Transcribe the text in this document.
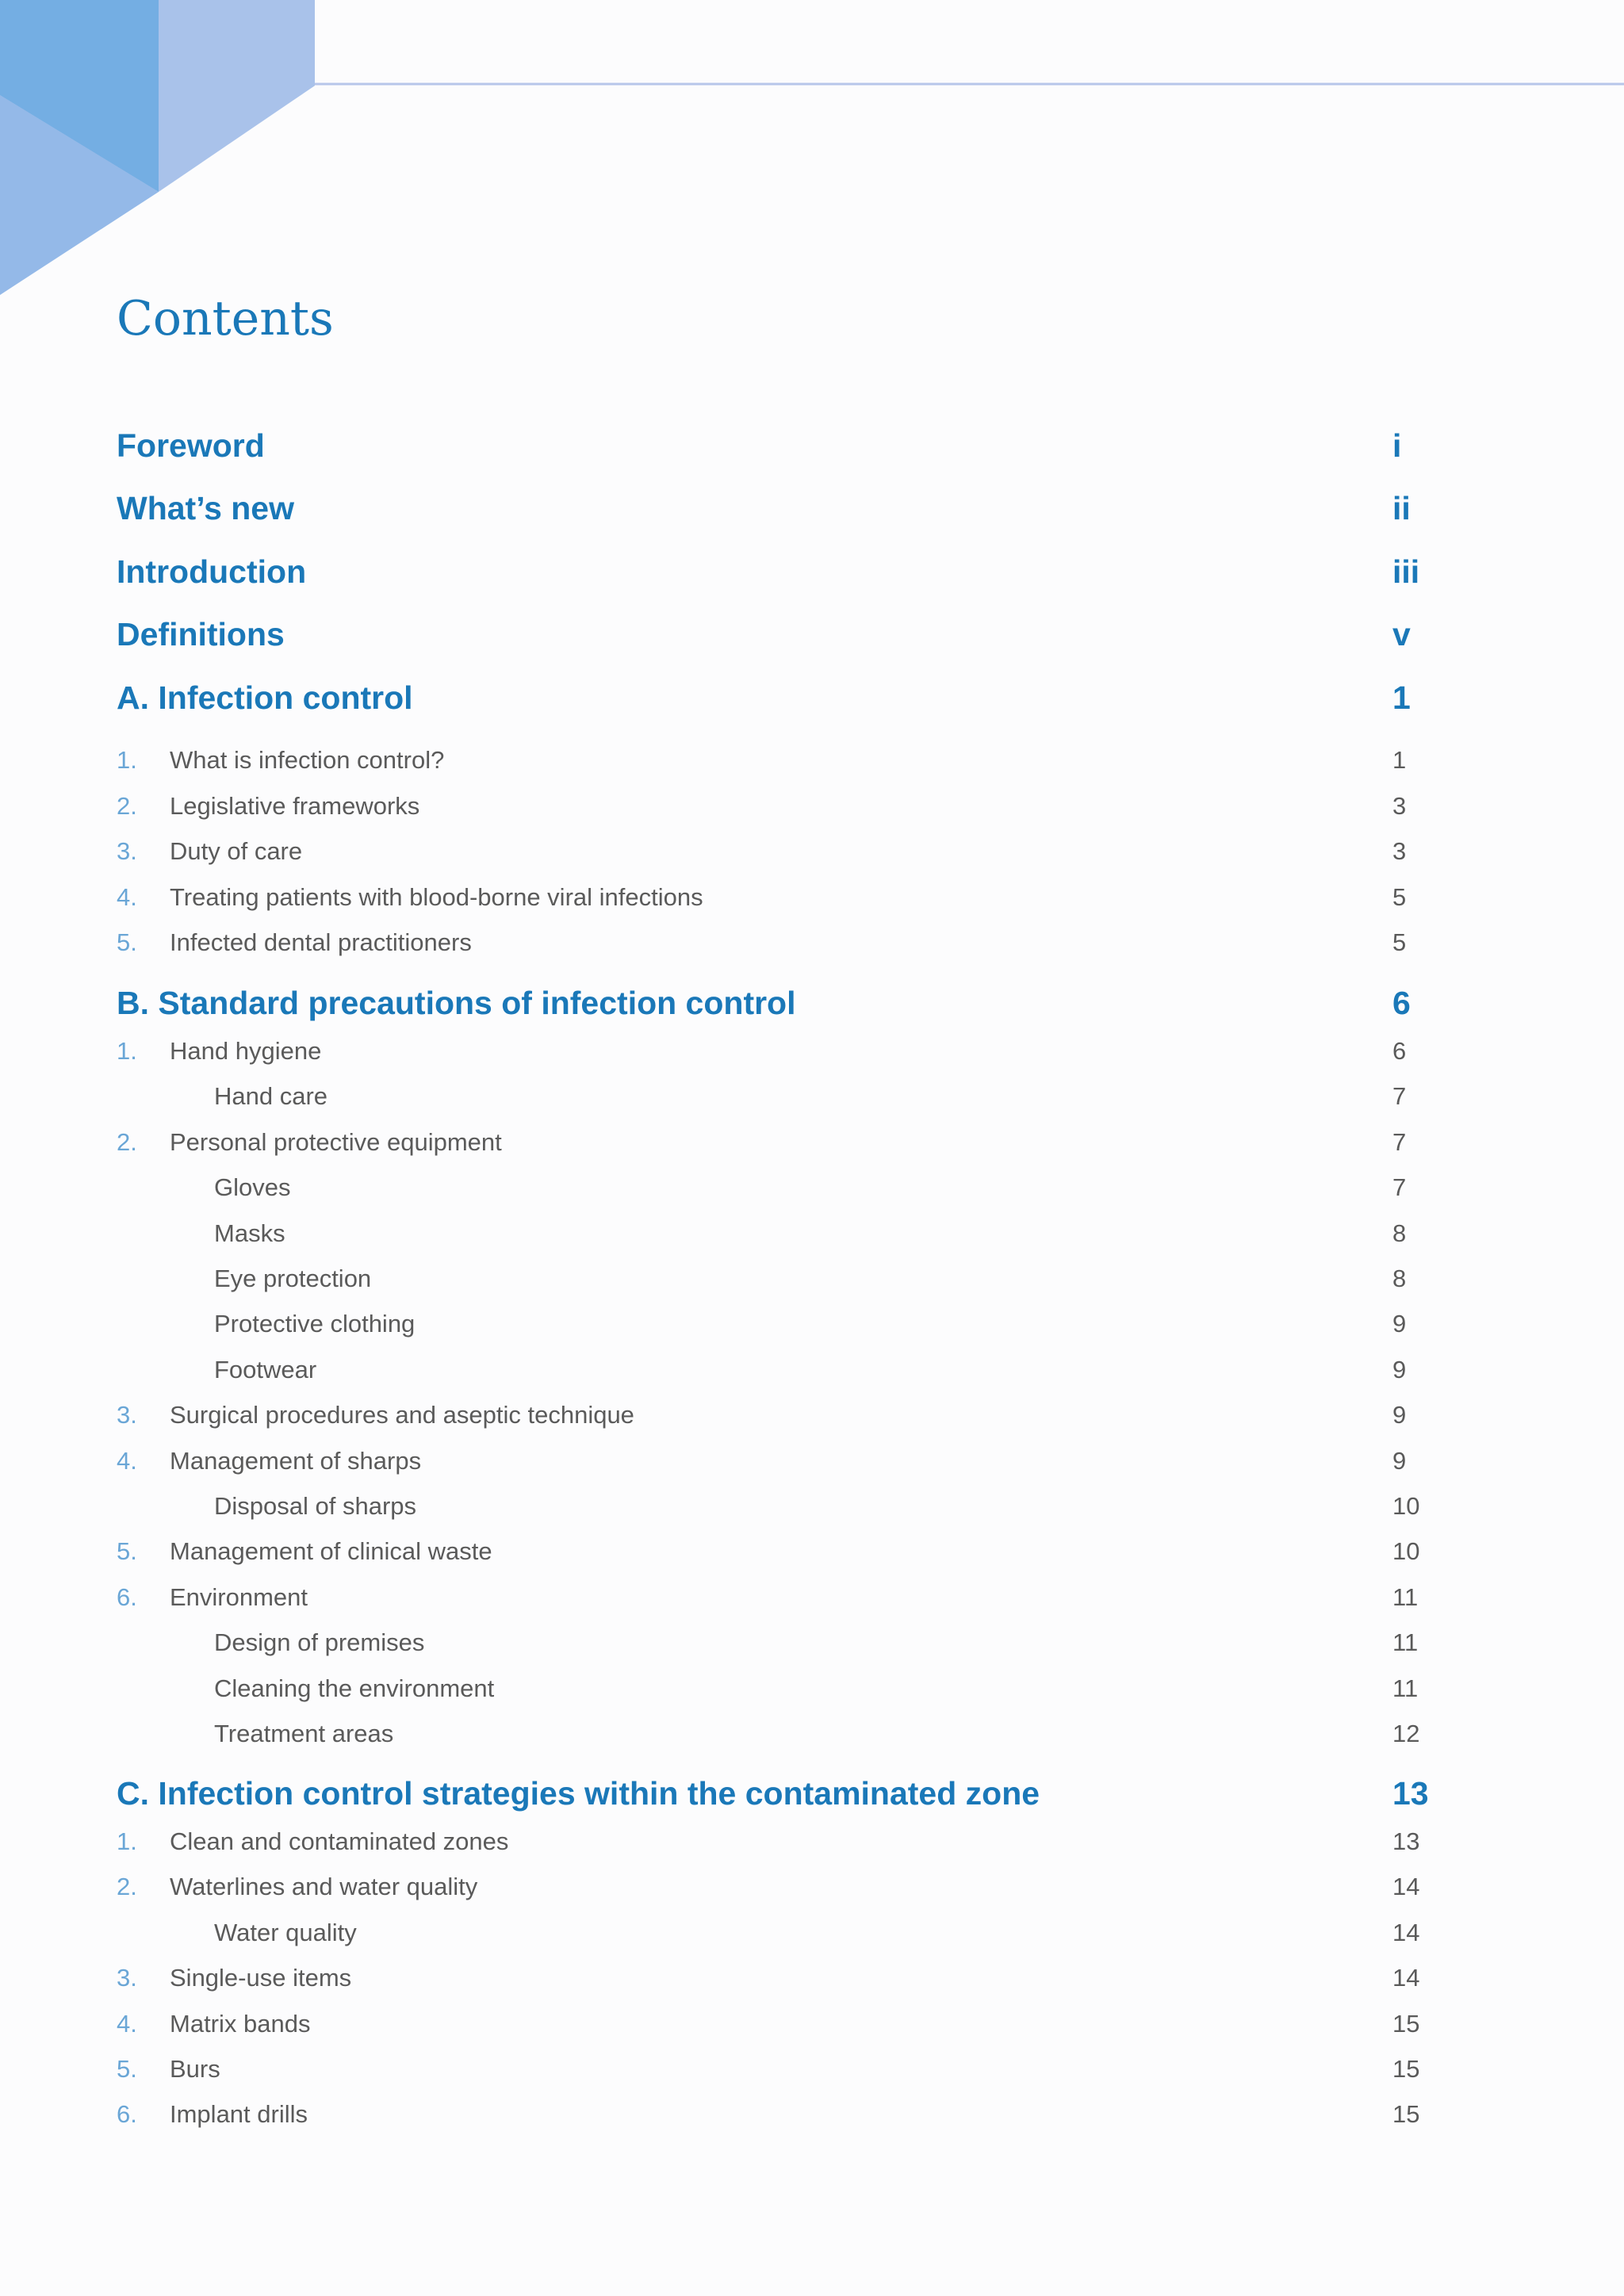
Contents
Foreword	i
What’s new	ii
Introduction	iii
Definitions	v
A. Infection control	1
1. What is infection control?	1
2. Legislative frameworks	3
3. Duty of care	3
4. Treating patients with blood-borne viral infections	5
5. Infected dental practitioners	5
B. Standard precautions of infection control	6
1. Hand hygiene	6
Hand care	7
2. Personal protective equipment	7
Gloves	7
Masks	8
Eye protection	8
Protective clothing	9
Footwear	9
3. Surgical procedures and aseptic technique	9
4. Management of sharps	9
Disposal of sharps	10
5. Management of clinical waste	10
6. Environment	11
Design of premises	11
Cleaning the environment	11
Treatment areas	12
C. Infection control strategies within the contaminated zone	13
1. Clean and contaminated zones	13
2. Waterlines and water quality	14
Water quality	14
3. Single-use items	14
4. Matrix bands	15
5. Burs	15
6. Implant drills	15
